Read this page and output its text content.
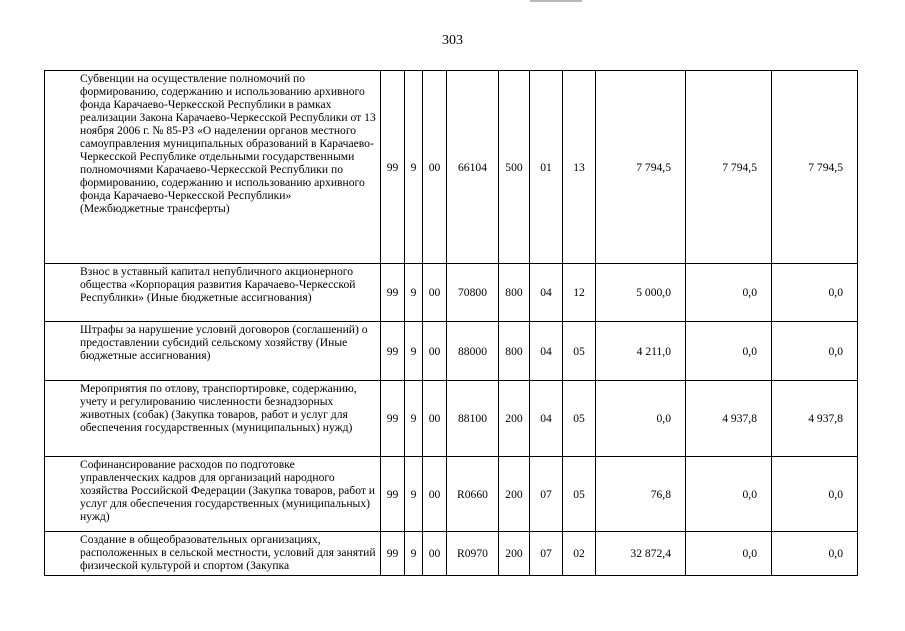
303
Субвенции на осуществление полномочий по формированию, содержанию и использованию архивного фонда Карачаево-Черкесской Республики в рамках реализации Закона Карачаево-Черкесской Республики от 13 ноября 2006 г. № 85-РЗ «О наделении органов местного самоуправления муниципальных образований в Карачаево-Черкесской Республике отдельными государственными полномочиями Карачаево-Черкесской Республики по формированию, содержанию и использованию архивного фонда Карачаево-Черкесской Республики» (Межбюджетные трансферты)	99	9	00	66104	500	01	13	7 794,5	7 794,5	7 794,5
Взнос в уставный капитал непубличного акционерного общества «Корпорация развития Карачаево-Черкесской Республики» (Иные бюджетные ассигнования)	99	9	00	70800	800	04	12	5 000,0	0,0	0,0
Штрафы за нарушение условий договоров (соглашений) о предоставлении субсидий сельскому хозяйству (Иные бюджетные ассигнования)	99	9	00	88000	800	04	05	4 211,0	0,0	0,0
Мероприятия по отлову, транспортировке, содержанию, учету и регулированию численности безнадзорных животных (собак) (Закупка товаров, работ и услуг для обеспечения государственных (муниципальных) нужд)	99	9	00	88100	200	04	05	0,0	4 937,8	4 937,8
Софинансирование расходов по подготовке управленческих кадров для организаций народного хозяйства Российской Федерации (Закупка товаров, работ и услуг для обеспечения государственных (муниципальных) нужд)	99	9	00	R0660	200	07	05	76,8	0,0	0,0
Создание в общеобразовательных организациях, расположенных в сельской местности, условий для занятий физической культурой и спортом (Закупка	99	9	00	R0970	200	07	02	32 872,4	0,0	0,0
